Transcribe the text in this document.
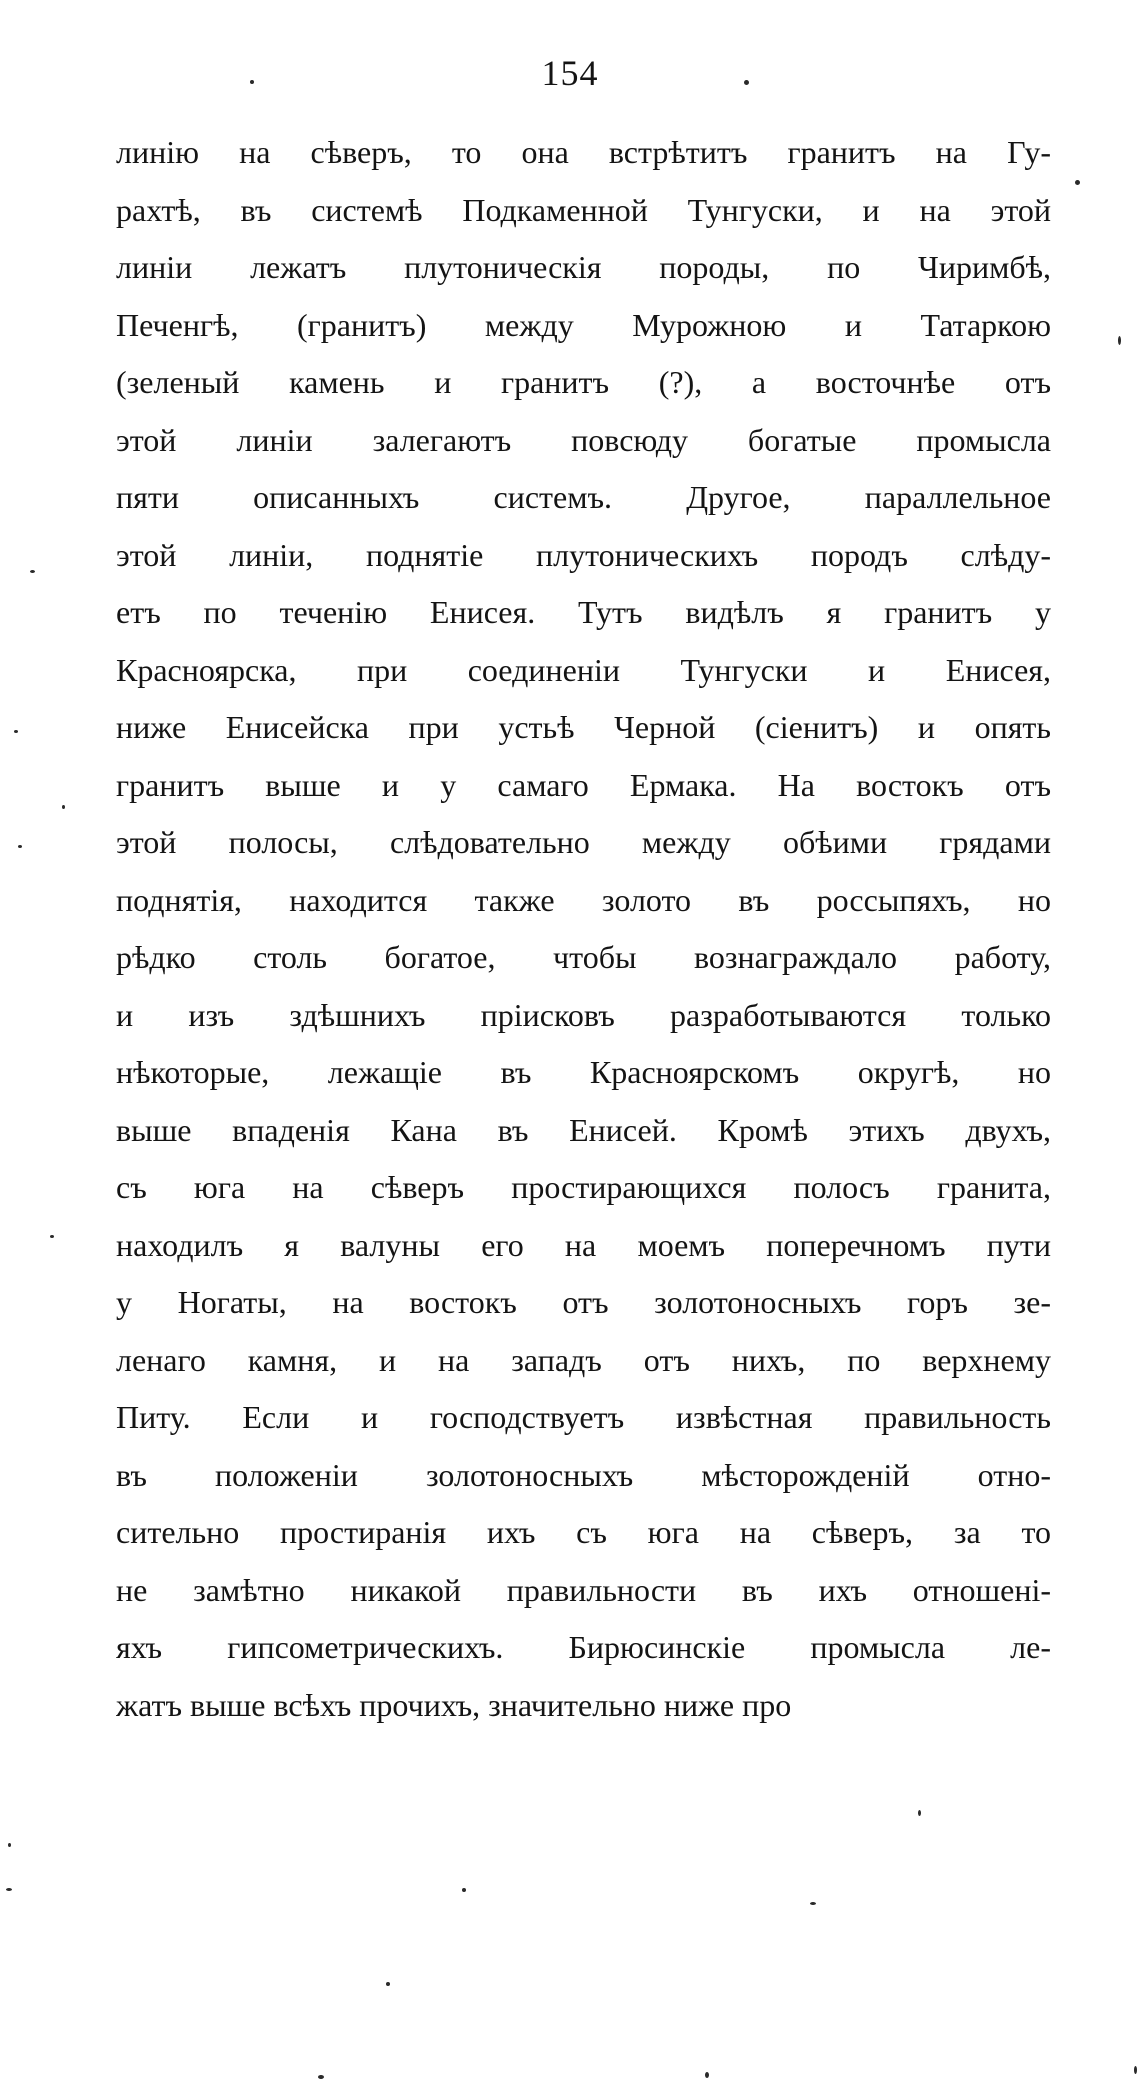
154
линію на сѣверъ, то она встрѣтитъ гранитъ на Гу-
рахтѣ, въ системѣ Подкаменной Тунгуски, и на этой
линіи лежатъ плутоническія породы, по Чиримбѣ,
Печенгѣ, (гранитъ) между Мурожною и Татаркою
(зеленый камень и гранитъ (?), а восточнѣе отъ
этой линіи залегаютъ повсюду богатые промысла
пяти описанныхъ системъ. Другое, параллельное
этой линіи, поднятіе плутоническихъ породъ слѣду-
етъ по теченію Енисея. Тутъ видѣлъ я гранитъ у
Красноярска, при соединеніи Тунгуски и Енисея,
ниже Енисейска при устьѣ Черной (сіенитъ) и опять
гранитъ выше и у самаго Ермака. На востокъ отъ
этой полосы, слѣдовательно между обѣими грядами
поднятія, находится также золото въ россыпяхъ, но
рѣдко столь богатое, чтобы вознаграждало работу,
и изъ здѣшнихъ пріисковъ разработываются только
нѣкоторые, лежащіе въ Красноярскомъ округѣ, но
выше впаденія Кана въ Енисей. Кромѣ этихъ двухъ,
съ юга на сѣверъ простирающихся полосъ гранита,
находилъ я валуны его на моемъ поперечномъ пути
у Ногаты, на востокъ отъ золотоносныхъ горъ зе-
ленаго камня, и на западъ отъ нихъ, по верхнему
Питу. Если и господствуетъ извѣстная правильность
въ положеніи золотоносныхъ мѣсторожденій отно-
сительно простиранія ихъ съ юга на сѣверъ, за то
не замѣтно никакой правильности въ ихъ отношені-
яхъ гипсометрическихъ. Бирюсинскіе промысла ле-
жатъ выше всѣхъ прочихъ, значительно ниже про
